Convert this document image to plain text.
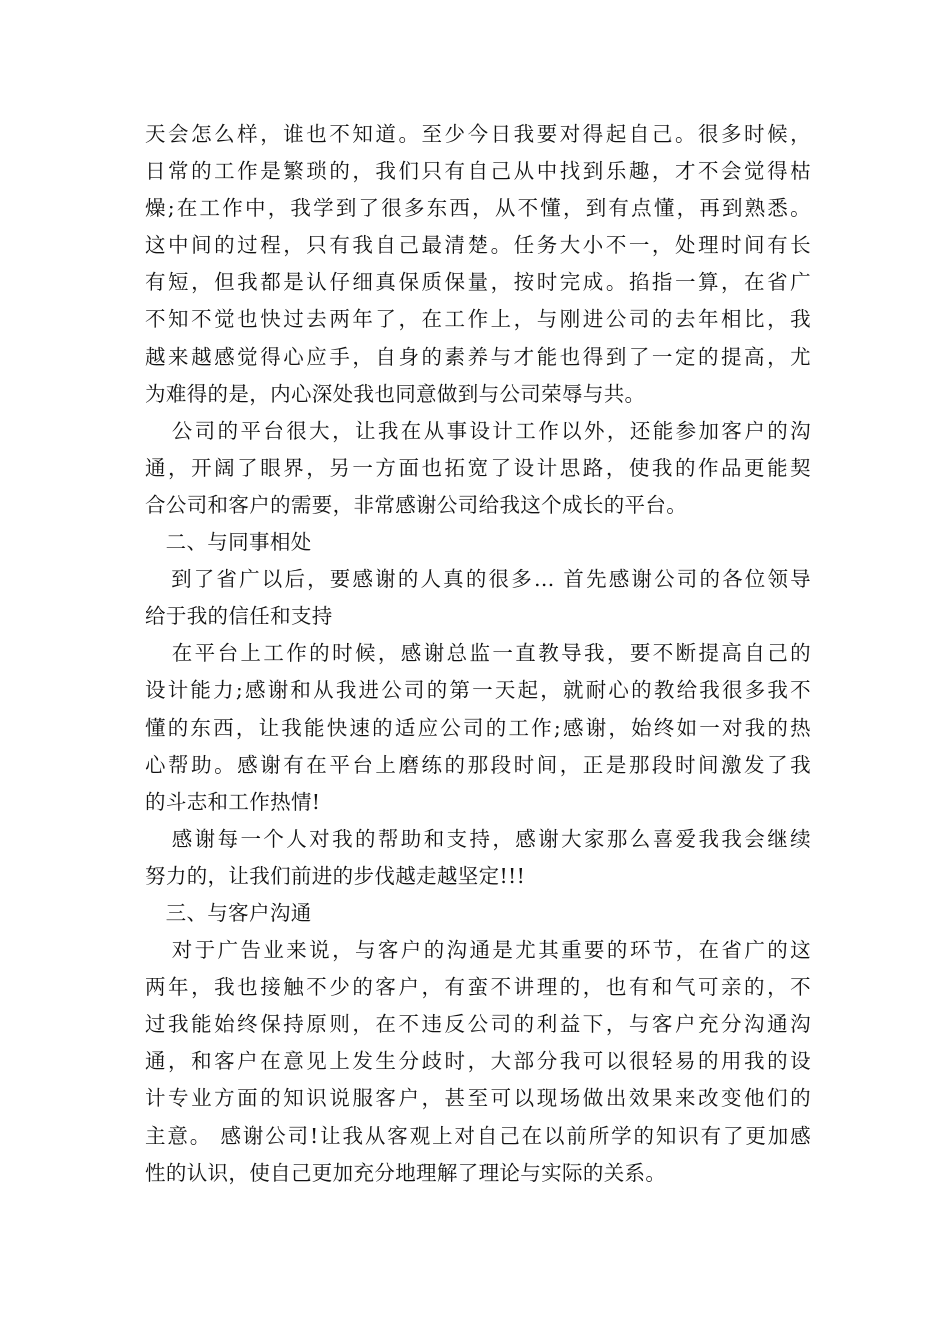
天会怎么样，谁也不知道。至少今日我要对得起自己。很多时候，
日常的工作是繁琐的，我们只有自己从中找到乐趣，才不会觉得枯
燥;在工作中，我学到了很多东西，从不懂，到有点懂，再到熟悉。
这中间的过程，只有我自己最清楚。任务大小不一，处理时间有长
有短，但我都是认仔细真保质保量，按时完成。掐指一算，在省广
不知不觉也快过去两年了，在工作上，与刚进公司的去年相比，我
越来越感觉得心应手，自身的素养与才能也得到了一定的提高，尤
为难得的是，内心深处我也同意做到与公司荣辱与共。
公司的平台很大，让我在从事设计工作以外，还能参加客户的沟
通，开阔了眼界，另一方面也拓宽了设计思路，使我的作品更能契
合公司和客户的需要，非常感谢公司给我这个成长的平台。
二、与同事相处
到了省广以后，要感谢的人真的很多… 首先感谢公司的各位领导
给于我的信任和支持
在平台上工作的时候，感谢总监一直教导我，要不断提高自己的
设计能力;感谢和从我进公司的第一天起，就耐心的教给我很多我不
懂的东西，让我能快速的适应公司的工作;感谢，始终如一对我的热
心帮助。感谢有在平台上磨练的那段时间，正是那段时间激发了我
的斗志和工作热情!
感谢每一个人对我的帮助和支持，感谢大家那么喜爱我我会继续
努力的，让我们前进的步伐越走越坚定!!!
三、与客户沟通
对于广告业来说，与客户的沟通是尤其重要的环节，在省广的这
两年，我也接触不少的客户，有蛮不讲理的，也有和气可亲的，不
过我能始终保持原则，在不违反公司的利益下，与客户充分沟通沟
通，和客户在意见上发生分歧时，大部分我可以很轻易的用我的设
计专业方面的知识说服客户，甚至可以现场做出效果来改变他们的
主意。 感谢公司!让我从客观上对自己在以前所学的知识有了更加感
性的认识，使自己更加充分地理解了理论与实际的关系。
